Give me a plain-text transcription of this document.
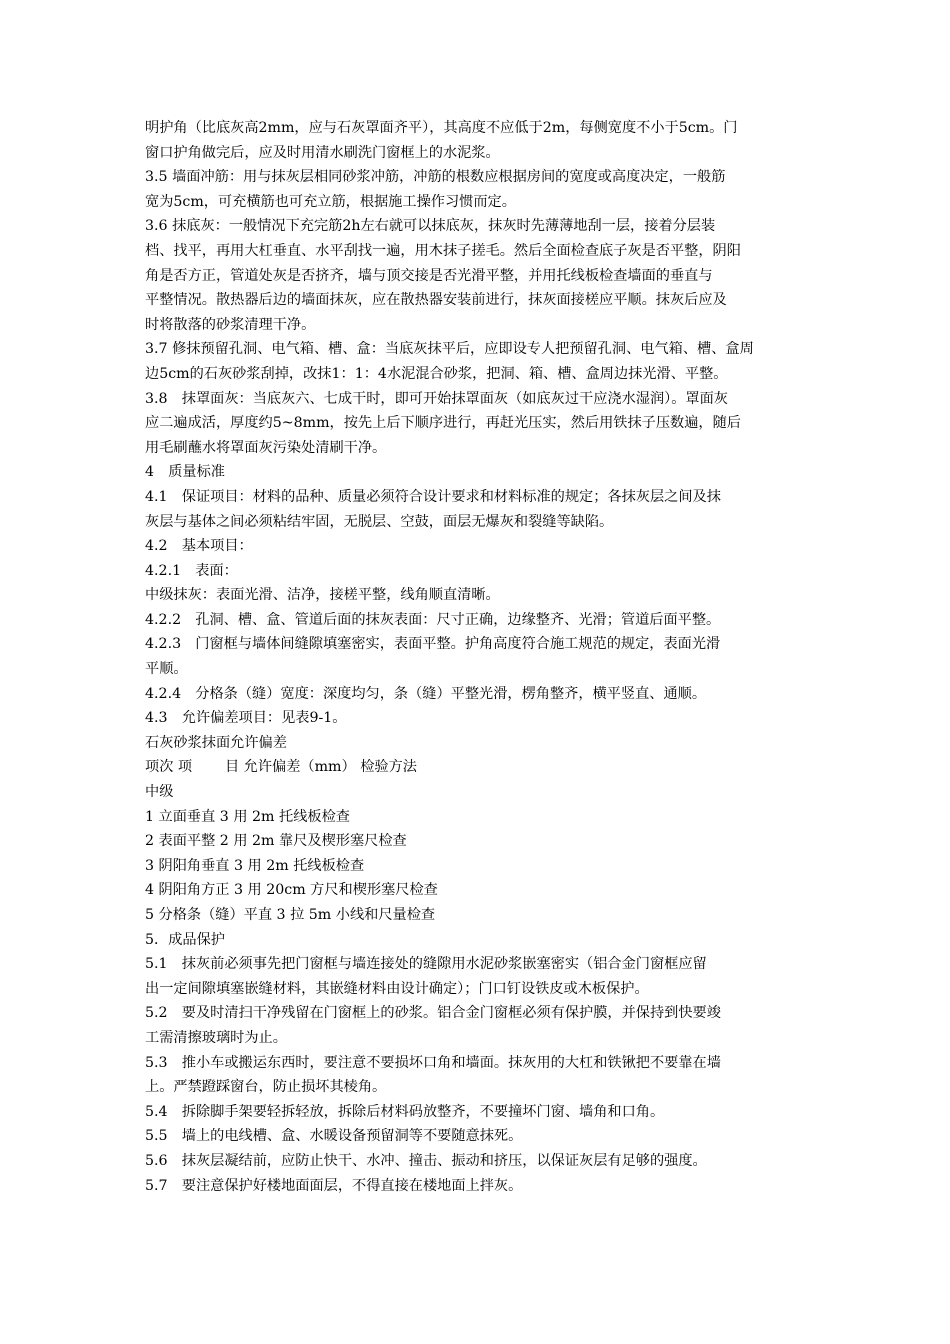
明护角（比底灰高2mm，应与石灰罩面齐平），其高度不应低于2m，每侧宽度不小于5cm。门
窗口护角做完后，应及时用清水刷洗门窗框上的水泥浆。
3.5 墙面冲筋：用与抹灰层相同砂浆冲筋，冲筋的根数应根据房间的宽度或高度决定，一般筋
宽为5cm，可充横筋也可充立筋，根据施工操作习惯而定。
3.6 抹底灰：一般情况下充完筋2h左右就可以抹底灰，抹灰时先薄薄地刮一层，接着分层装
档、找平，再用大杠垂直、水平刮找一遍，用木抹子搓毛。然后全面检查底子灰是否平整，阴阳
角是否方正，管道处灰是否挤齐，墙与顶交接是否光滑平整，并用托线板检查墙面的垂直与
平整情况。散热器后边的墙面抹灰，应在散热器安装前进行，抹灰面接槎应平顺。抹灰后应及
时将散落的砂浆清理干净。
3.7 修抹预留孔洞、电气箱、槽、盒：当底灰抹平后，应即设专人把预留孔洞、电气箱、槽、盒周
边5cm的石灰砂浆刮掉，改抹1：1：4水泥混合砂浆，把洞、箱、槽、盒周边抹光滑、平整。
3.8　抹罩面灰：当底灰六、七成干时，即可开始抹罩面灰（如底灰过干应浇水湿润）。罩面灰
应二遍成活，厚度约5~8mm，按先上后下顺序进行，再赶光压实，然后用铁抹子压数遍，随后
用毛刷蘸水将罩面灰污染处清刷干净。
4　质量标准
4.1　保证项目：材料的品种、质量必须符合设计要求和材料标准的规定；各抹灰层之间及抹
灰层与基体之间必须粘结牢固，无脱层、空鼓，面层无爆灰和裂缝等缺陷。
4.2　基本项目：
4.2.1　表面：
中级抹灰：表面光滑、洁净，接槎平整，线角顺直清晰。
4.2.2　孔洞、槽、盒、管道后面的抹灰表面：尺寸正确，边缘整齐、光滑；管道后面平整。
4.2.3　门窗框与墙体间缝隙填塞密实，表面平整。护角高度符合施工规范的规定，表面光滑
平顺。
4.2.4　分格条（缝）宽度：深度均匀，条（缝）平整光滑，楞角整齐，横平竖直、通顺。
4.3　允许偏差项目：见表9-1。
石灰砂浆抹面允许偏差
项次 项　　 目 允许偏差（mm） 检验方法
中级
1 立面垂直 3 用 2m 托线板检查
2 表面平整 2 用 2m 靠尺及楔形塞尺检查
3 阴阳角垂直 3 用 2m 托线板检查
4 阴阳角方正 3 用 20cm 方尺和楔形塞尺检查
5 分格条（缝）平直 3 拉 5m 小线和尺量检查
5．成品保护
5.1　抹灰前必须事先把门窗框与墙连接处的缝隙用水泥砂浆嵌塞密实（铝合金门窗框应留
出一定间隙填塞嵌缝材料，其嵌缝材料由设计确定）；门口钉设铁皮或木板保护。
5.2　要及时清扫干净残留在门窗框上的砂浆。铝合金门窗框必须有保护膜，并保持到快要竣
工需清擦玻璃时为止。
5.3　推小车或搬运东西时，要注意不要损坏口角和墙面。抹灰用的大杠和铁锹把不要靠在墙
上。严禁蹬踩窗台，防止损坏其棱角。
5.4　拆除脚手架要轻拆轻放，拆除后材料码放整齐，不要撞坏门窗、墙角和口角。
5.5　墙上的电线槽、盒、水暖设备预留洞等不要随意抹死。
5.6　抹灰层凝结前，应防止快干、水冲、撞击、振动和挤压，以保证灰层有足够的强度。
5.7　要注意保护好楼地面面层，不得直接在楼地面上拌灰。
